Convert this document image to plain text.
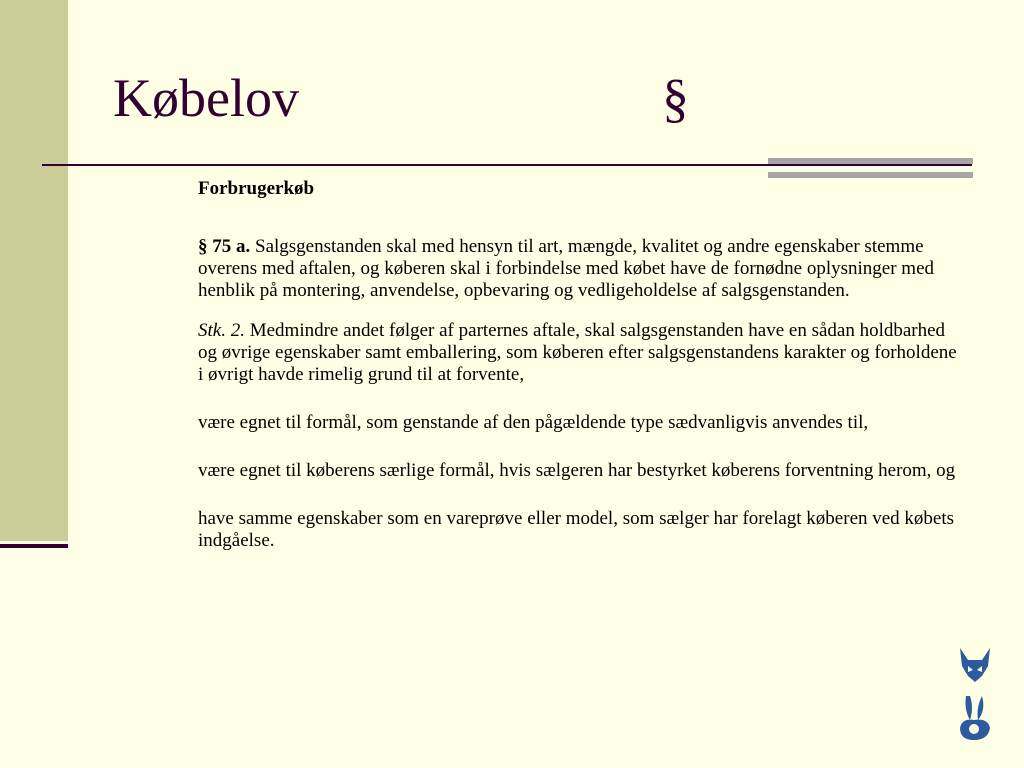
Købelov	§

Forbrugerkøb

§ 75 a. Salgsgenstanden skal med hensyn til art, mængde, kvalitet og andre egenskaber stemme overens med aftalen, og køberen skal i forbindelse med købet have de fornødne oplysninger med henblik på montering, anvendelse, opbevaring og vedligeholdelse af salgsgenstanden.

Stk. 2. Medmindre andet følger af parternes aftale, skal salgsgenstanden have en sådan holdbarhed og øvrige egenskaber samt emballering, som køberen efter salgsgenstandens karakter og forholdene i øvrigt havde rimelig grund til at forvente,

være egnet til formål, som genstande af den pågældende type sædvanligvis anvendes til,

være egnet til køberens særlige formål, hvis sælgeren har bestyrket køberens forventning herom, og

have samme egenskaber som en vareprøve eller model, som sælger har forelagt køberen ved købets indgåelse.
